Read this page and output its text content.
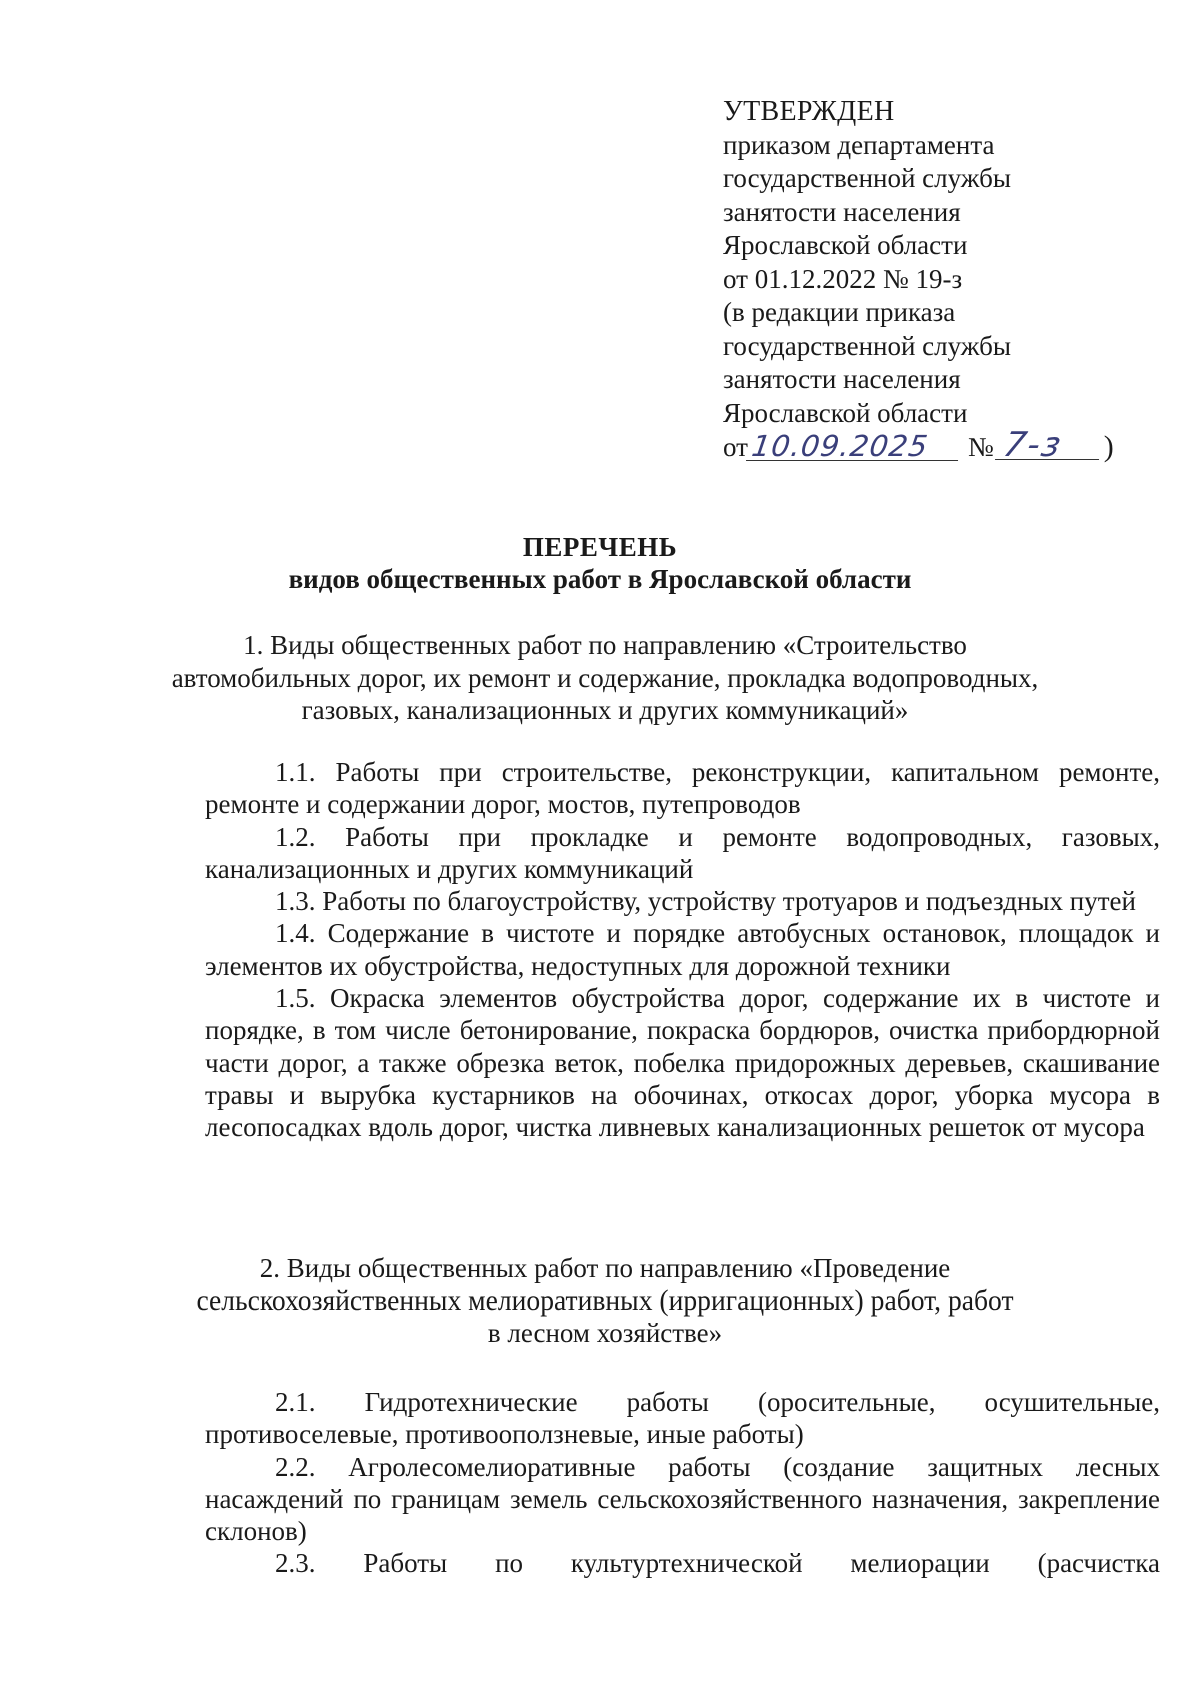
УТВЕРЖДЕН
приказом департамента
государственной службы
занятости населения
Ярославской области
от 01.12.2022 № 19-з
(в редакции приказа
государственной службы
занятости населения
Ярославской области
от10.09.2025 № 7-з )
ПЕРЕЧЕНЬ
видов общественных работ в Ярославской области
1. Виды общественных работ по направлению «Строительство
автомобильных дорог, их ремонт и содержание, прокладка водопроводных,
газовых, канализационных и других коммуникаций»

1.1. Работы при строительстве, реконструкции, капитальном ремонте, ремонте и содержании дорог, мостов, путепроводов

1.2. Работы при прокладке и ремонте водопроводных, газовых, канализационных и других коммуникаций

1.3. Работы по благоустройству, устройству тротуаров и подъездных путей

1.4. Содержание в чистоте и порядке автобусных остановок, площадок и элементов их обустройства, недоступных для дорожной техники

1.5. Окраска элементов обустройства дорог, содержание их в чистоте и порядке, в том числе бетонирование, покраска бордюров, очистка прибордюрной части дорог, а также обрезка веток, побелка придорожных деревьев, скашивание травы и вырубка кустарников на обочинах, откосах дорог, уборка мусора в лесопосадках вдоль дорог, чистка ливневых канализационных решеток от мусора

2. Виды общественных работ по направлению «Проведение
сельскохозяйственных мелиоративных (ирригационных) работ, работ
в лесном хозяйстве»

2.1. Гидротехнические работы (оросительные, осушительные, противоселевые, противооползневые, иные работы)

2.2. Агролесомелиоративные работы (создание защитных лесных насаждений по границам земель сельскохозяйственного назначения, закрепление склонов)

2.3. Работы по культуртехнической мелиорации (расчистка
